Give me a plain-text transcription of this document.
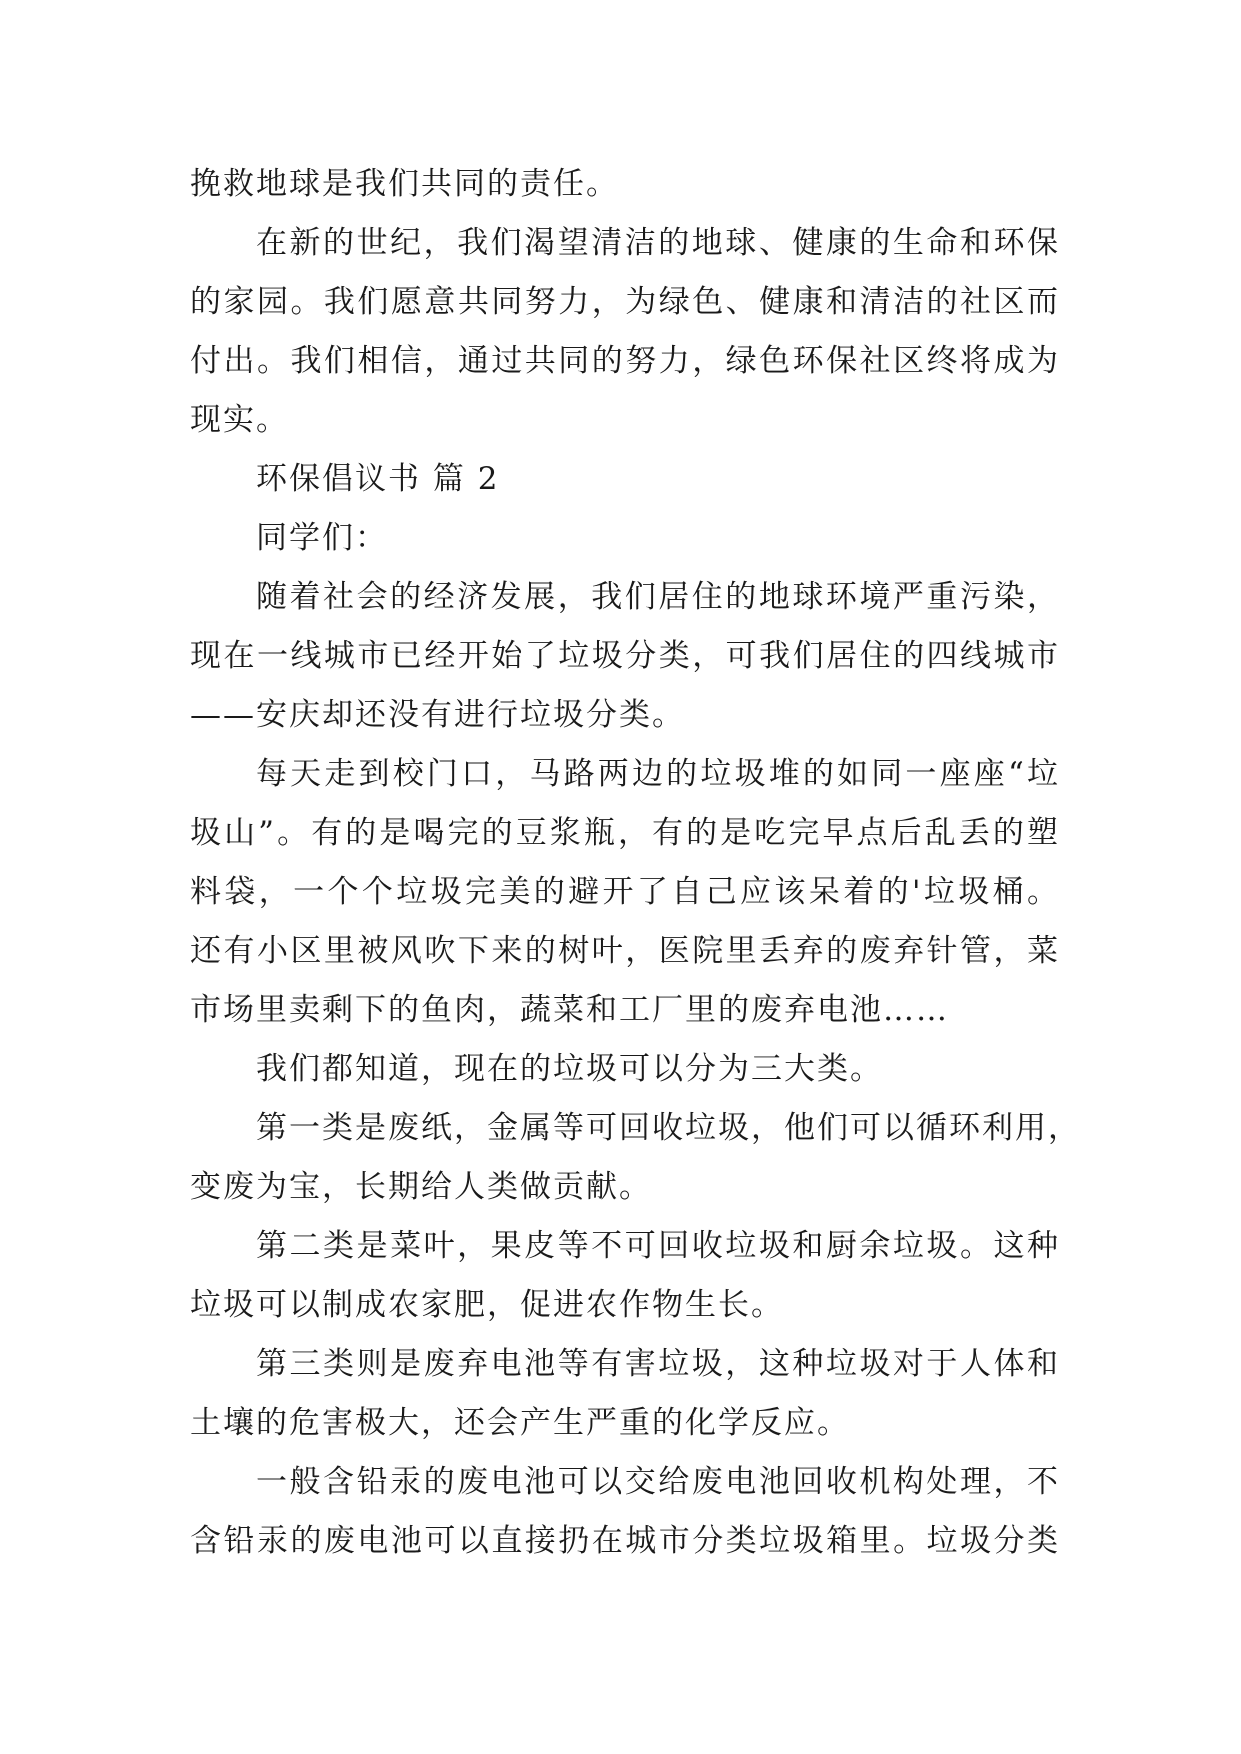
挽救地球是我们共同的责任。
在新的世纪，我们渴望清洁的地球、健康的生命和环保
的家园。我们愿意共同努力，为绿色、健康和清洁的社区而
付出。我们相信，通过共同的努力，绿色环保社区终将成为
现实。
环保倡议书 篇 2
同学们：
随着社会的经济发展，我们居住的地球环境严重污染，
现在一线城市已经开始了垃圾分类，可我们居住的四线城市
——安庆却还没有进行垃圾分类。
每天走到校门口，马路两边的垃圾堆的如同一座座“垃
圾山”。有的是喝完的豆浆瓶，有的是吃完早点后乱丢的塑
料袋，一个个垃圾完美的避开了自己应该呆着的'垃圾桶。
还有小区里被风吹下来的树叶，医院里丢弃的废弃针管，菜
市场里卖剩下的鱼肉，蔬菜和工厂里的废弃电池……
我们都知道，现在的垃圾可以分为三大类。
第一类是废纸，金属等可回收垃圾，他们可以循环利用，
变废为宝，长期给人类做贡献。
第二类是菜叶，果皮等不可回收垃圾和厨余垃圾。这种
垃圾可以制成农家肥，促进农作物生长。
第三类则是废弃电池等有害垃圾，这种垃圾对于人体和
土壤的危害极大，还会产生严重的化学反应。
一般含铅汞的废电池可以交给废电池回收机构处理，不
含铅汞的废电池可以直接扔在城市分类垃圾箱里。垃圾分类
